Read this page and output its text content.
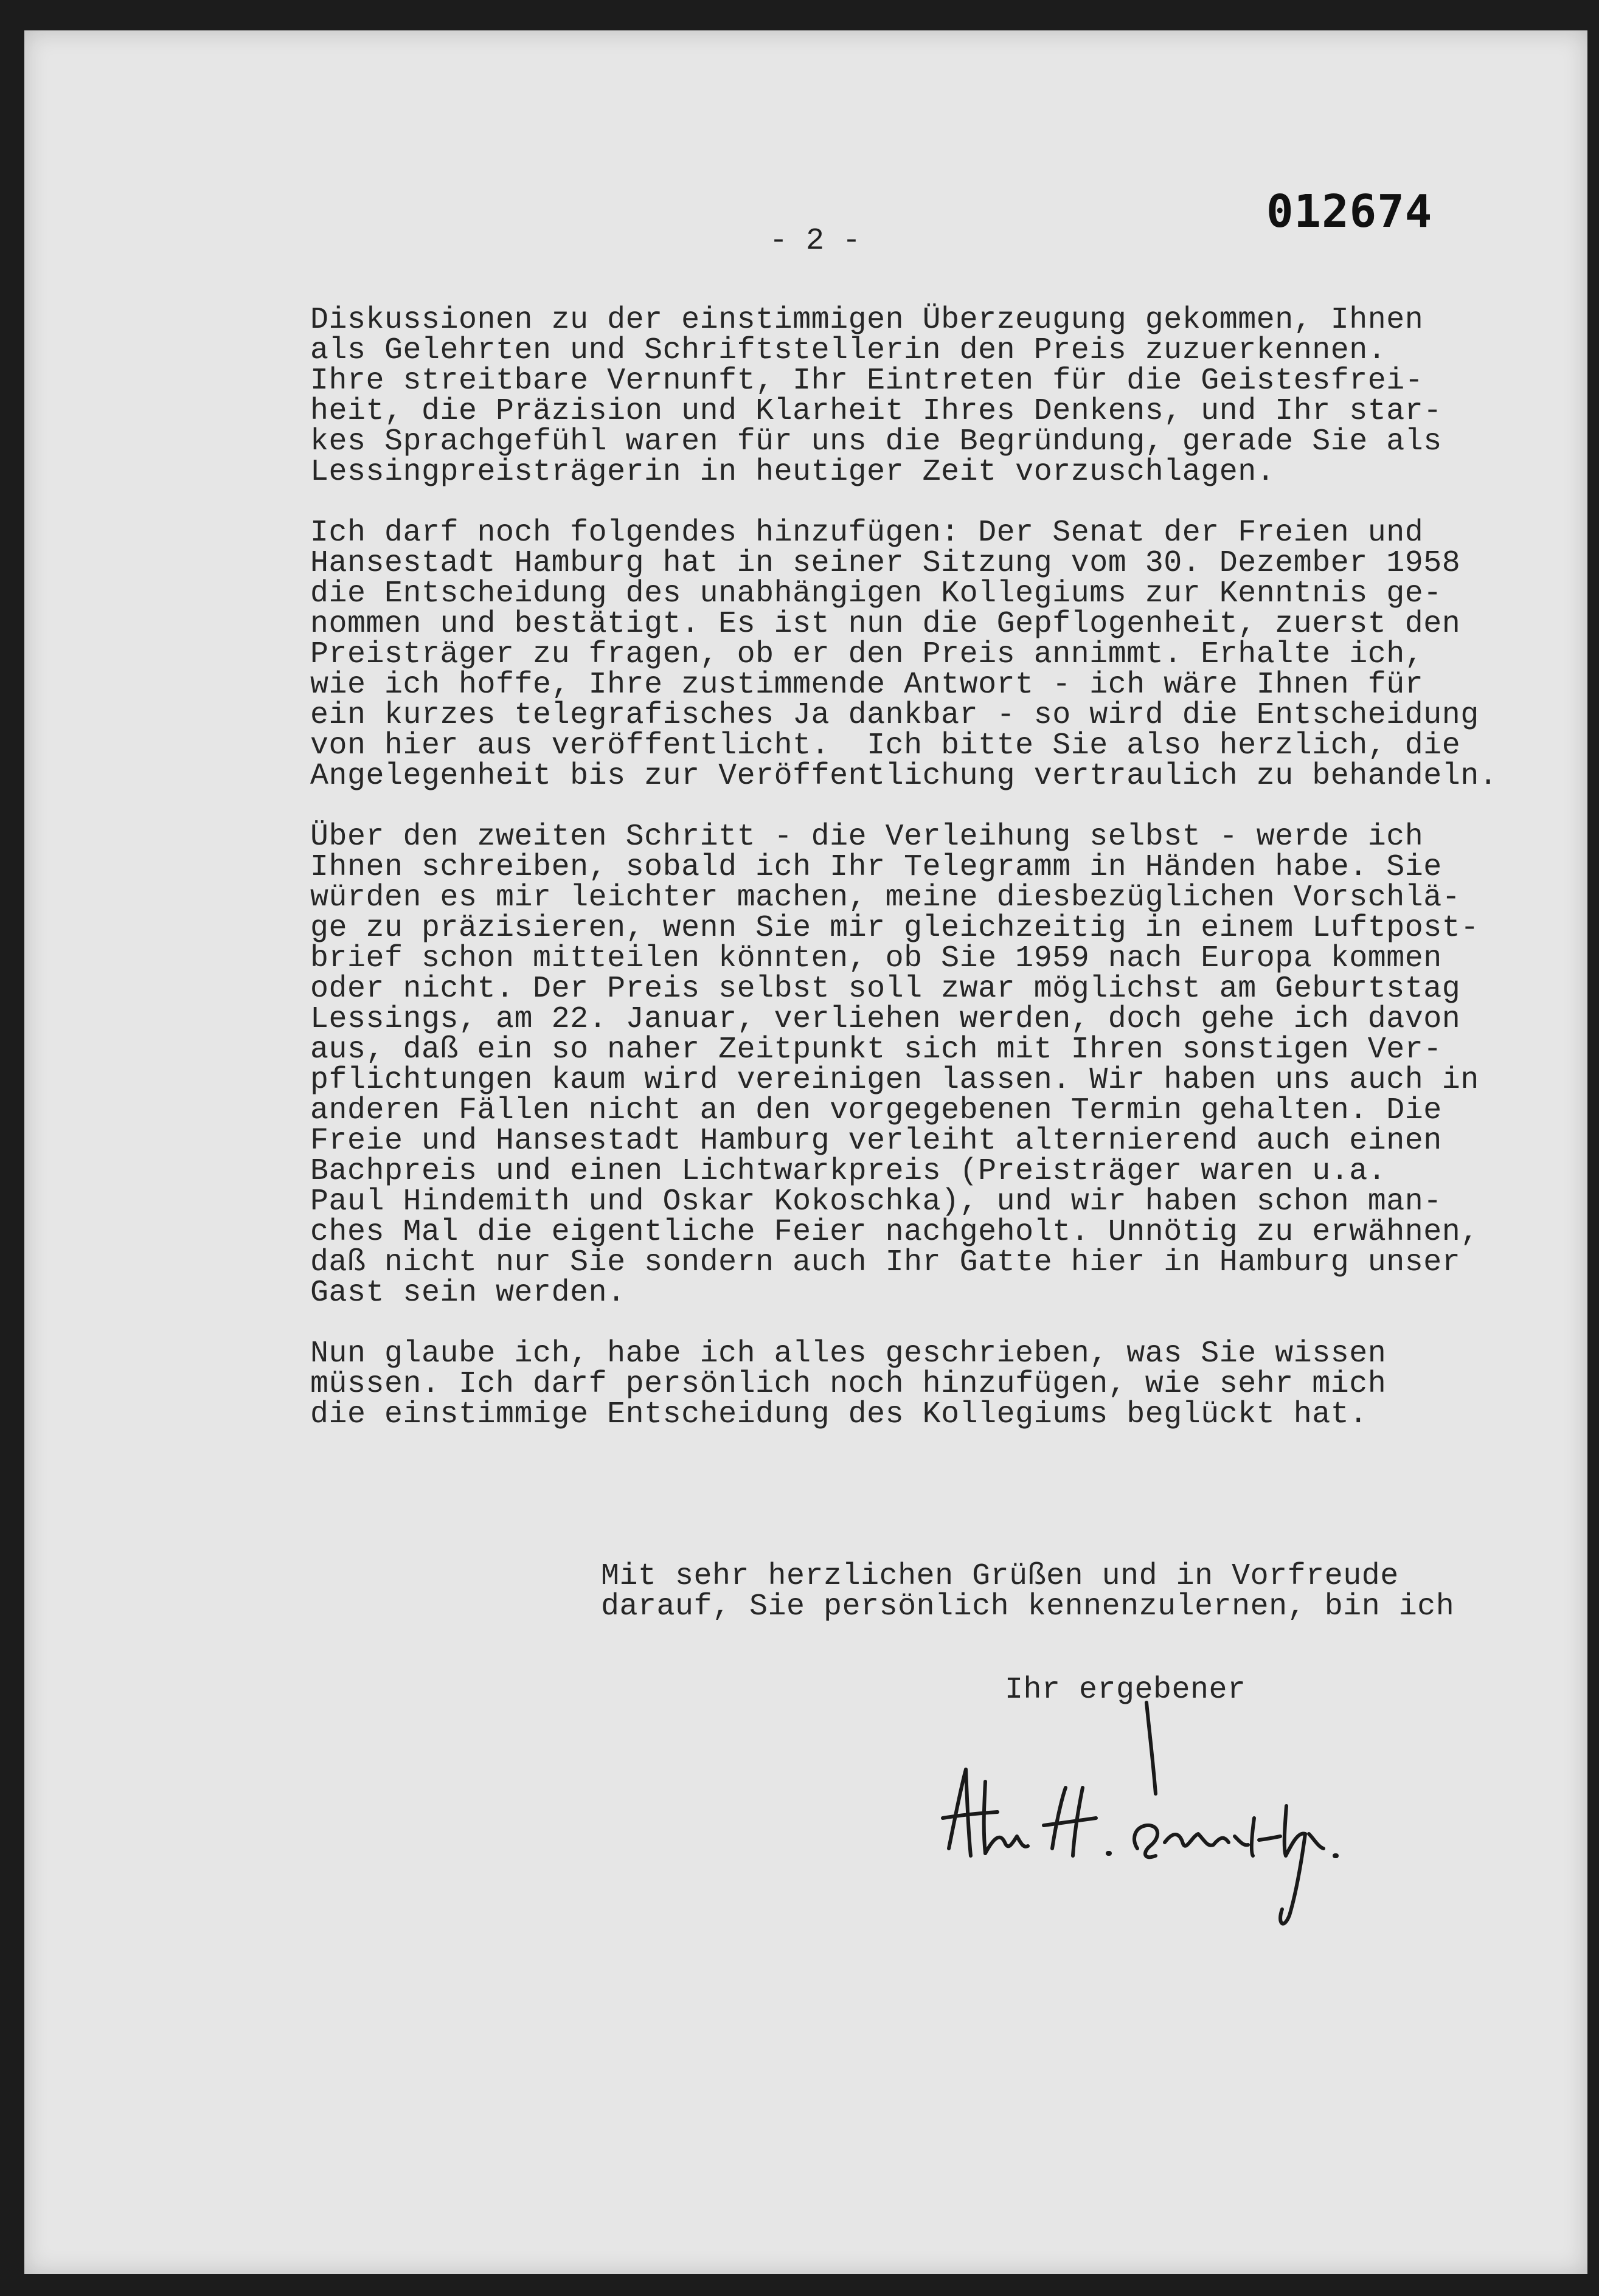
012674
- 2 -
Diskussionen zu der einstimmigen Überzeugung gekommen, Ihnen
als Gelehrten und Schriftstellerin den Preis zuzuerkennen.
Ihre streitbare Vernunft, Ihr Eintreten für die Geistesfrei-
heit, die Präzision und Klarheit Ihres Denkens, und Ihr star-
kes Sprachgefühl waren für uns die Begründung, gerade Sie als
Lessingpreisträgerin in heutiger Zeit vorzuschlagen.
Ich darf noch folgendes hinzufügen: Der Senat der Freien und
Hansestadt Hamburg hat in seiner Sitzung vom 30. Dezember 1958
die Entscheidung des unabhängigen Kollegiums zur Kenntnis ge-
nommen und bestätigt. Es ist nun die Gepflogenheit, zuerst den
Preisträger zu fragen, ob er den Preis annimmt. Erhalte ich,
wie ich hoffe, Ihre zustimmende Antwort - ich wäre Ihnen für
ein kurzes telegrafisches Ja dankbar - so wird die Entscheidung
von hier aus veröffentlicht.  Ich bitte Sie also herzlich, die
Angelegenheit bis zur Veröffentlichung vertraulich zu behandeln.
Über den zweiten Schritt - die Verleihung selbst - werde ich
Ihnen schreiben, sobald ich Ihr Telegramm in Händen habe. Sie
würden es mir leichter machen, meine diesbezüglichen Vorschlä-
ge zu präzisieren, wenn Sie mir gleichzeitig in einem Luftpost-
brief schon mitteilen könnten, ob Sie 1959 nach Europa kommen
oder nicht. Der Preis selbst soll zwar möglichst am Geburtstag
Lessings, am 22. Januar, verliehen werden, doch gehe ich davon
aus, daß ein so naher Zeitpunkt sich mit Ihren sonstigen Ver-
pflichtungen kaum wird vereinigen lassen. Wir haben uns auch in
anderen Fällen nicht an den vorgegebenen Termin gehalten. Die
Freie und Hansestadt Hamburg verleiht alternierend auch einen
Bachpreis und einen Lichtwarkpreis (Preisträger waren u.a.
Paul Hindemith und Oskar Kokoschka), und wir haben schon man-
ches Mal die eigentliche Feier nachgeholt. Unnötig zu erwähnen,
daß nicht nur Sie sondern auch Ihr Gatte hier in Hamburg unser
Gast sein werden.
Nun glaube ich, habe ich alles geschrieben, was Sie wissen
müssen. Ich darf persönlich noch hinzufügen, wie sehr mich
die einstimmige Entscheidung des Kollegiums beglückt hat.
Mit sehr herzlichen Grüßen und in Vorfreude
darauf, Sie persönlich kennenzulernen, bin ich
Ihr ergebener
